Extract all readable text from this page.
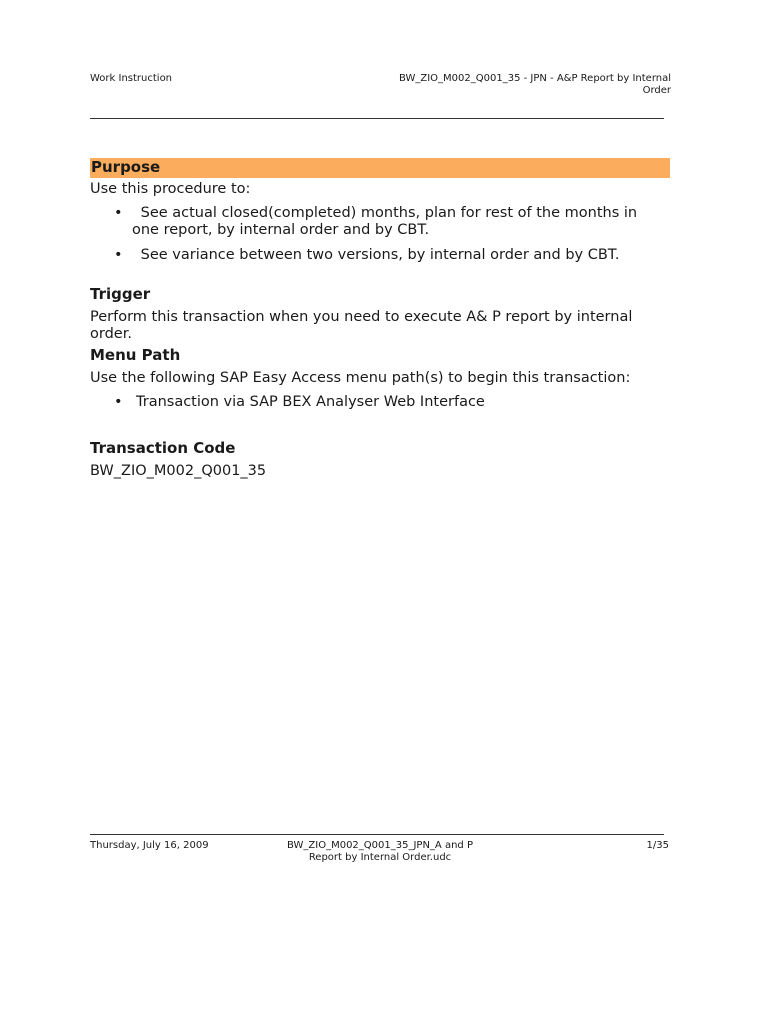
Work Instruction	BW_ZIO_M002_Q001_35 - JPN - A&P Report by Internal
Order
Purpose

Use this procedure to:

• See actual closed(completed) months, plan for rest of the months in
one report, by internal order and by CBT.
• See variance between two versions, by internal order and by CBT.
Trigger

Perform this transaction when you need to execute A& P report by internal

order.

Menu Path

Use the following SAP Easy Access menu path(s) to begin this transaction:

• Transaction via SAP BEX Analyser Web Interface
Transaction Code

BW_ZIO_M002_Q001_35

Thursday, July 16, 2009	BW_ZIO_M002_Q001_35_JPN_A and P
Report by Internal Order.udc
1/35
